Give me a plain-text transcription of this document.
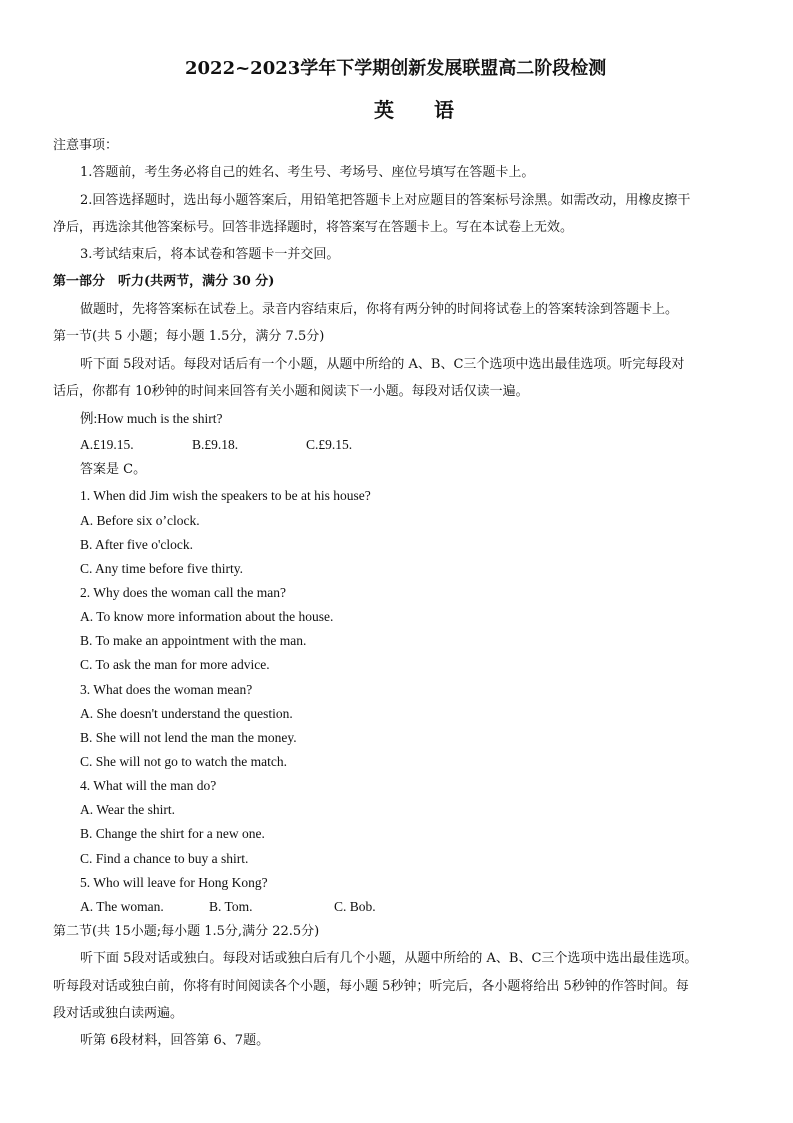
2022~2023学年下学期创新发展联盟高二阶段检测
英　　语
注意事项：
1.答题前，考生务必将自己的姓名、考生号、考场号、座位号填写在答题卡上。
2.回答选择题时，选出每小题答案后，用铅笔把答题卡上对应题目的答案标号涂黑。如需改动，用橡皮擦干
净后，再选涂其他答案标号。回答非选择题时，将答案写在答题卡上。写在本试卷上无效。
3.考试结束后，将本试卷和答题卡一并交回。
第一部分　听力(共两节，满分 30 分)
做题时，先将答案标在试卷上。录音内容结束后，你将有两分钟的时间将试卷上的答案转涂到答题卡上。
第一节(共 5 小题；每小题 1.5分，满分 7.5分)
听下面 5段对话。每段对话后有一个小题，从题中所给的 A、B、C三个选项中选出最佳选项。听完每段对
话后，你都有 10秒钟的时间来回答有关小题和阅读下一小题。每段对话仅读一遍。
例:How much is the shirt?
A.£19.15.	B.£9.18.	C.£9.15.
答案是 C。
1. When did Jim wish the speakers to be at his house?
A. Before six o’clock.
B. After five o'clock.
C. Any time before five thirty.
2. Why does the woman call the man?
A. To know more information about the house.
B. To make an appointment with the man.
C. To ask the man for more advice.
3. What does the woman mean?
A. She doesn't understand the question.
B. She will not lend the man the money.
C. She will not go to watch the match.
4. What will the man do?
A. Wear the shirt.
B. Change the shirt for a new one.
C. Find a chance to buy a shirt.
5. Who will leave for Hong Kong?
A. The woman.	B. Tom.	C. Bob.
第二节(共 15小题;每小题 1.5分,满分 22.5分)
听下面 5段对话或独白。每段对话或独白后有几个小题，从题中所给的 A、B、C三个选项中选出最佳选项。
听每段对话或独白前，你将有时间阅读各个小题，每小题 5秒钟；听完后，各小题将给出 5秒钟的作答时间。每
段对话或独白读两遍。
听第 6段材料，回答第 6、7题。
